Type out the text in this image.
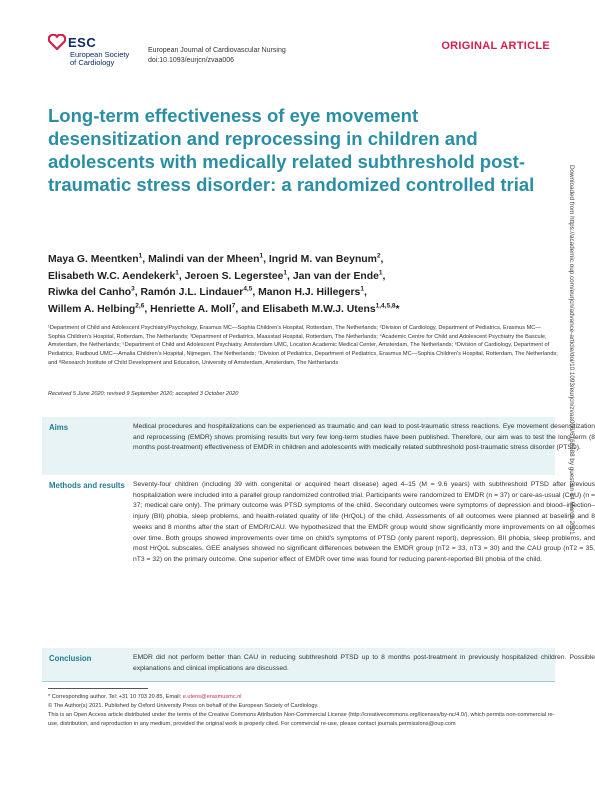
ESC
European Society
of Cardiology
European Journal of Cardiovascular Nursing
doi:10.1093/eurjcn/zvaa006
ORIGINAL ARTICLE
Long-term effectiveness of eye movement desensitization and reprocessing in children and adolescents with medically related subthreshold post-traumatic stress disorder: a randomized controlled trial
Maya G. Meentken$^1$, Malindi van der Mheen$^1$, Ingrid M. van Beynum$^2$,
Elisabeth W.C. Aendekerk$^1$, Jeroen S. Legerstee$^1$, Jan van der Ende$^1$,
Riwka del Canho$^3$, Ramón J.L. Lindauer$^{4,5}$, Manon H.J. Hillegers$^1$,
Willem A. Helbing$^{2,6}$, Henriette A. Moll$^7$, and Elisabeth M.W.J. Utens$^{1,4,5,8}$*
¹Department of Child and Adolescent Psychiatry/Psychology, Erasmus MC—Sophia Children's Hospital, Rotterdam, The Netherlands; ²Division of Cardiology, Department of Pediatrics, Erasmus MC—Sophia Children's Hospital, Rotterdam, The Netherlands; ³Department of Pediatrics, Maasstad Hospital, Rotterdam, The Netherlands; ⁴Academic Centre for Child and Adolescent Psychiatry the Bascule, Amsterdam, the Netherlands; ⁵Department of Child and Adolescent Psychiatry, Amsterdam UMC, Location Academic Medical Center, Amsterdam, The Netherlands; ⁶Division of Cardiology, Department of Pediatrics, Radboud UMC—Amalia Children's Hospital, Nijmegen, The Netherlands; ⁷Division of Pediatrics, Department of Pediatrics, Erasmus MC—Sophia Children's Hospital, Rotterdam, The Netherlands; and ⁸Research Institute of Child Development and Education, University of Amsterdam, Amsterdam, The Netherlands
Received 5 June 2020; revised 9 September 2020; accepted 3 October 2020
Aims	Medical procedures and hospitalizations can be experienced as traumatic and can lead to post-traumatic stress reactions. Eye movement desensitization and reprocessing (EMDR) shows promising results but very few long-term studies have been published. Therefore, our aim was to test the long-term (8 months post-treatment) effectiveness of EMDR in children and adolescents with medically related subthreshold post-traumatic stress disorder (PTSD).
Methods and results	Seventy-four children (including 39 with congenital or acquired heart disease) aged 4–15 (M = 9.6 years) with subthreshold PTSD after previous hospitalization were included into a parallel group randomized controlled trial. Participants were randomized to EMDR (n = 37) or care-as-usual (CAU) (n = 37; medical care only). The primary outcome was PTSD symptoms of the child. Secondary outcomes were symptoms of depression and blood–injection–injury (BII) phobia, sleep problems, and health-related quality of life (HrQoL) of the child. Assessments of all outcomes were planned at baseline and 8 weeks and 8 months after the start of EMDR/CAU. We hypothesized that the EMDR group would show significantly more improvements on all outcomes over time. Both groups showed improvements over time on child's symptoms of PTSD (only parent report), depression, BII phobia, sleep problems, and most HrQoL subscales. GEE analyses showed no significant differences between the EMDR group (nT2 = 33, nT3 = 30) and the CAU group (nT2 = 35, nT3 = 32) on the primary outcome. One superior effect of EMDR over time was found for reducing parent-reported BII phobia of the child.
Conclusion	EMDR did not perform better than CAU in reducing subthreshold PTSD up to 8 months post-treatment in previously hospitalized children. Possible explanations and clinical implications are discussed.
* Corresponding author. Tel: +31 10 703 20 85, Email: e.utens@erasmusmc.nl
© The Author(s) 2021. Published by Oxford University Press on behalf of the European Society of Cardiology.
This is an Open Access article distributed under the terms of the Creative Commons Attribution Non-Commercial License (http://creativecommons.org/licenses/by-nc/4.0/), which permits non-commercial re-use, distribution, and reproduction in any medium, provided the original work is properly cited. For commercial re-use, please contact journals.permissions@oup.com
Downloaded from https://academic.oup.com/eurjcn/advance-article/doi/10.1093/eurjcn/zvaa006/6168588 by guest on 14 March 2021
